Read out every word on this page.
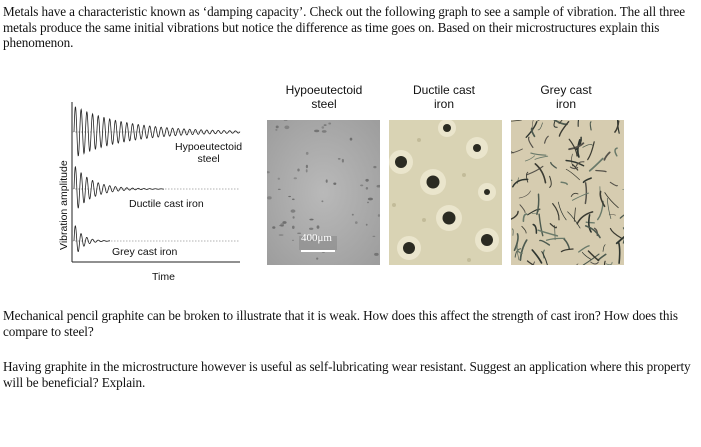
Metals have a characteristic known as ‘damping capacity’. Check out the following graph to see a sample of vibration. The all three metals produce the same initial vibrations but notice the difference as time goes on. Based on their microstructures explain this phenomenon.
Vibration amplitude
Hypoeutectoid
steel
Ductile cast iron
Grey cast iron
Time
Hypoeutectoid
steel
Ductile cast
iron
Grey cast
iron
400μm
Mechanical pencil graphite can be broken to illustrate that it is weak. How does this affect the strength of cast iron? How does this compare to steel?
Having graphite in the microstructure however is useful as self-lubricating wear resistant. Suggest an application where this property will be beneficial? Explain.
